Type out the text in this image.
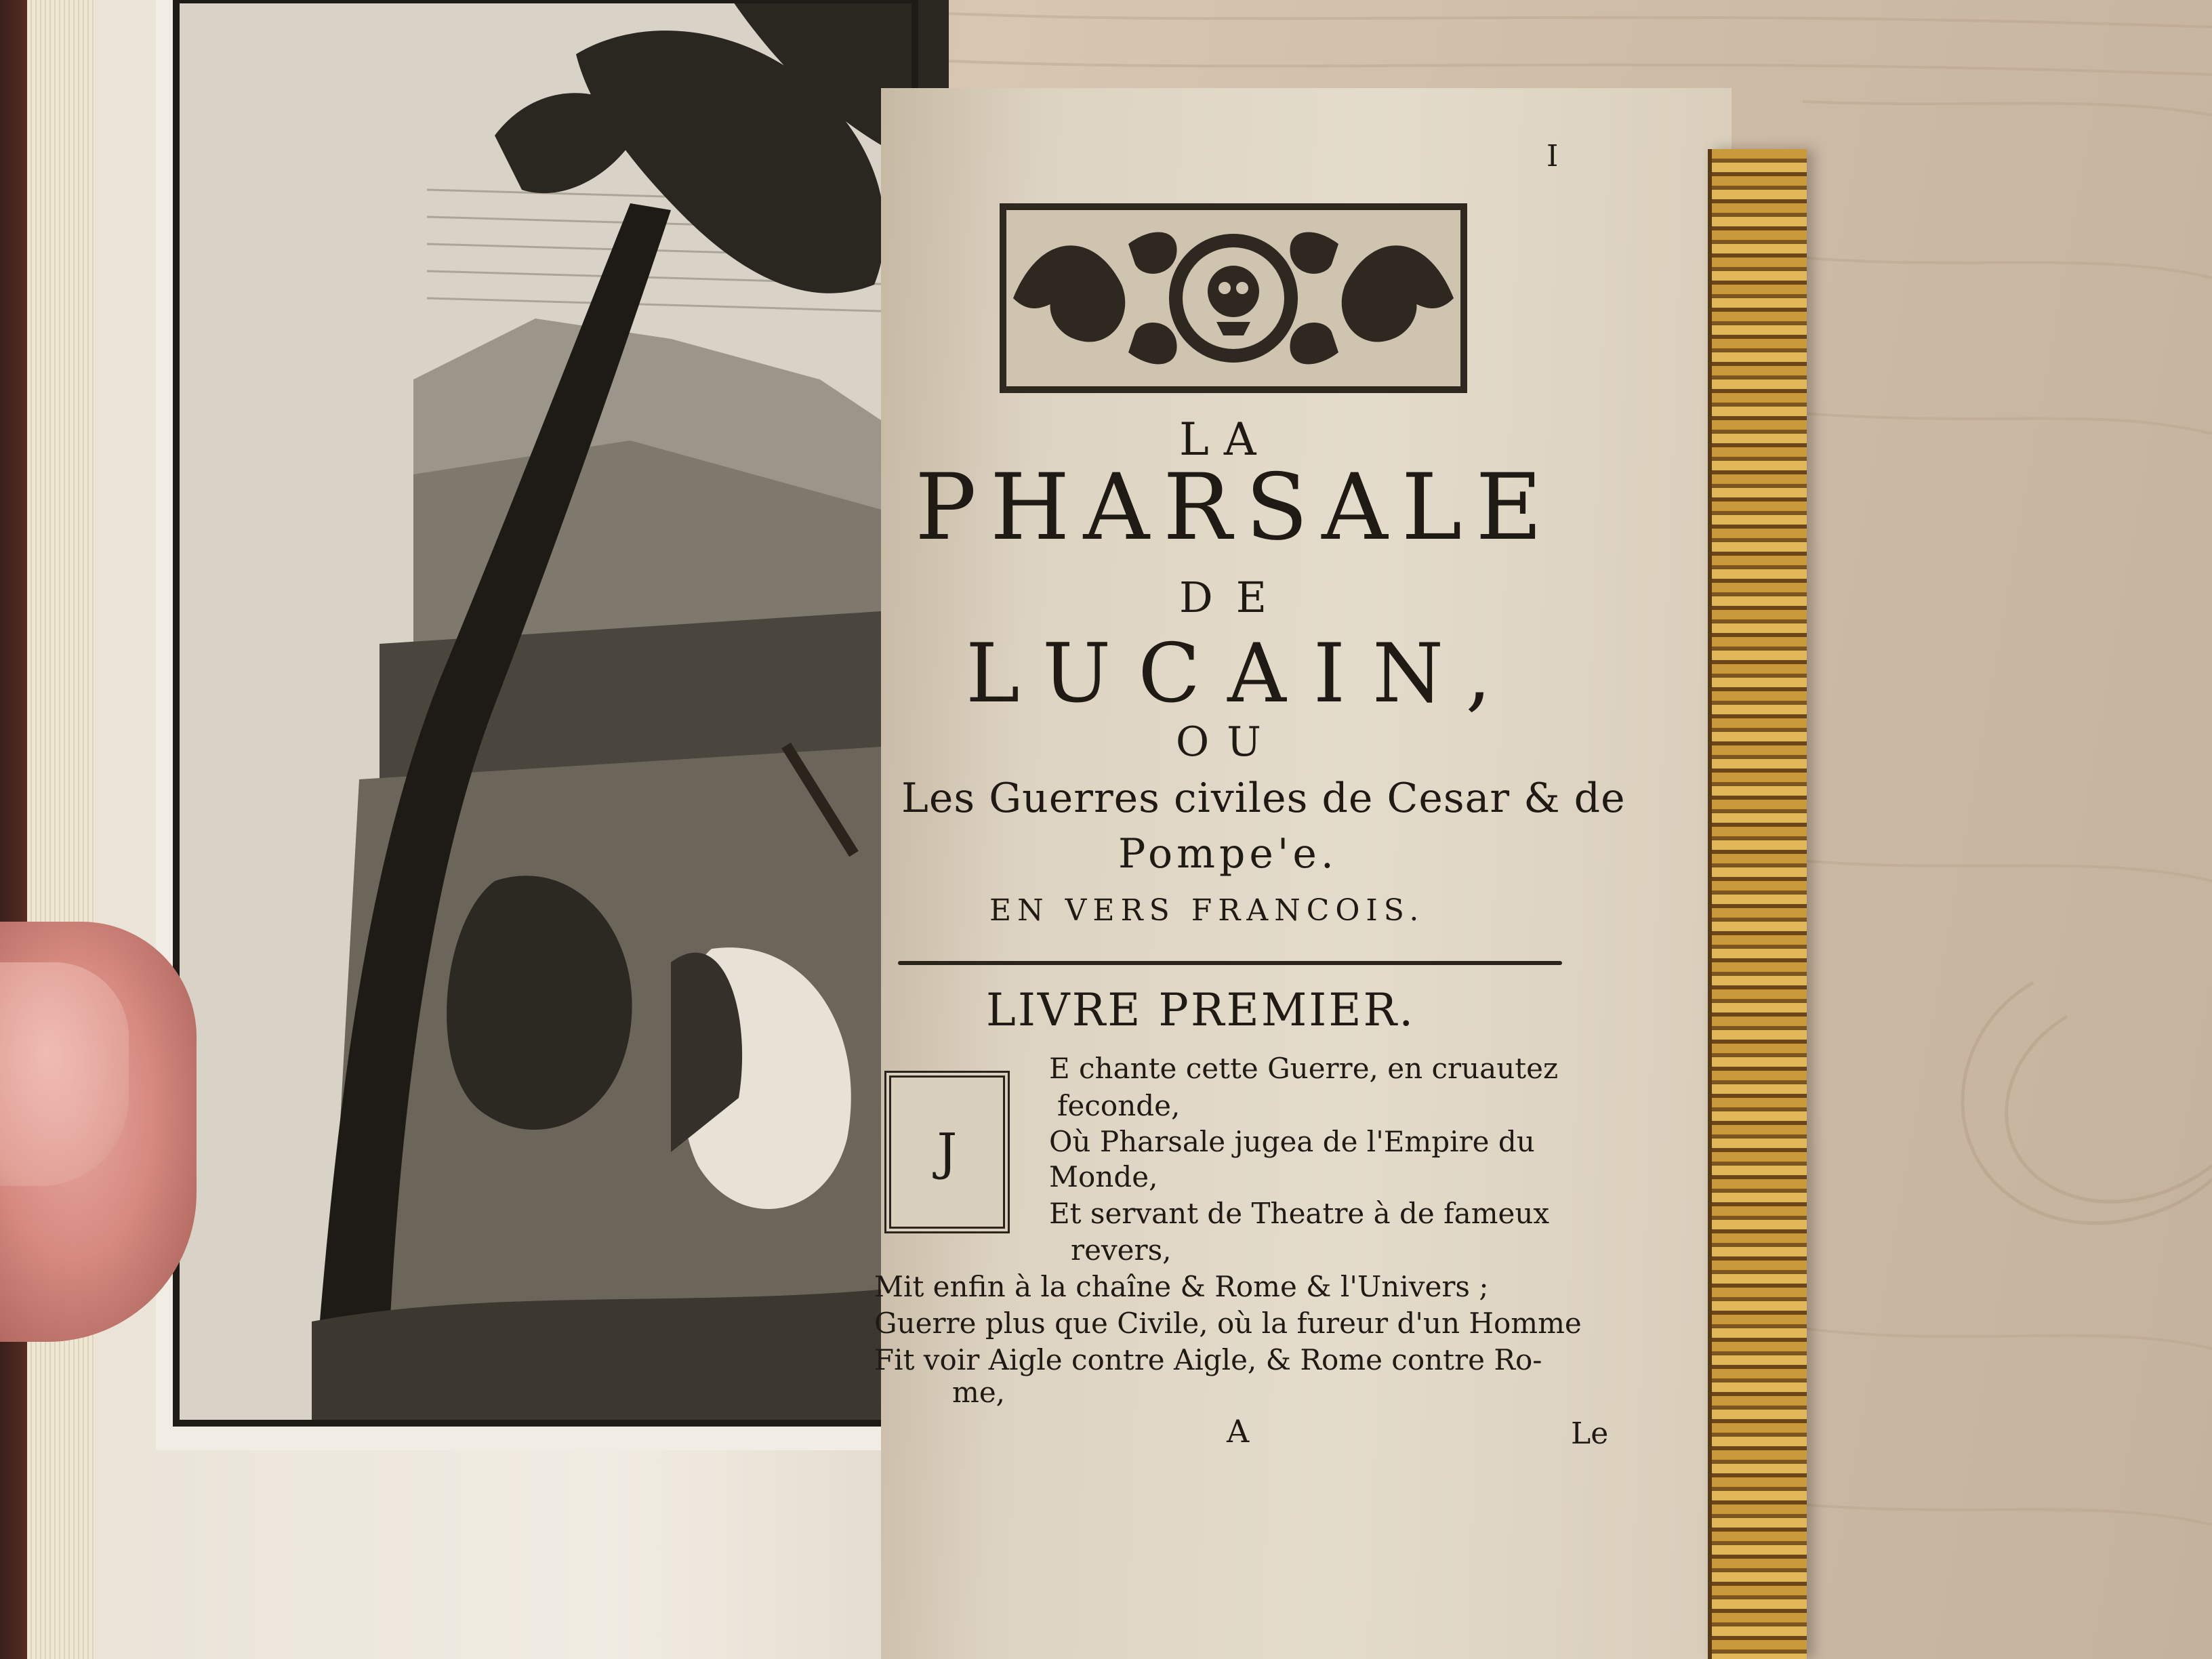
I
LA
PHARSALE
DE
LUCAIN,
OU
Les Guerres civiles de Cesar & de
Pompe'e.
EN VERS FRANCOIS.
LIVRE PREMIER.
J
E chante cette Guerre, en cruautez
feconde,
Où Pharsale jugea de l'Empire du
Monde,
Et servant de Theatre à de fameux
revers,
Mit enfin à la chaîne & Rome & l'Univers ;
Guerre plus que Civile, où la fureur d'un Homme
Fit voir Aigle contre Aigle, & Rome contre Ro-
me,
A	Le
